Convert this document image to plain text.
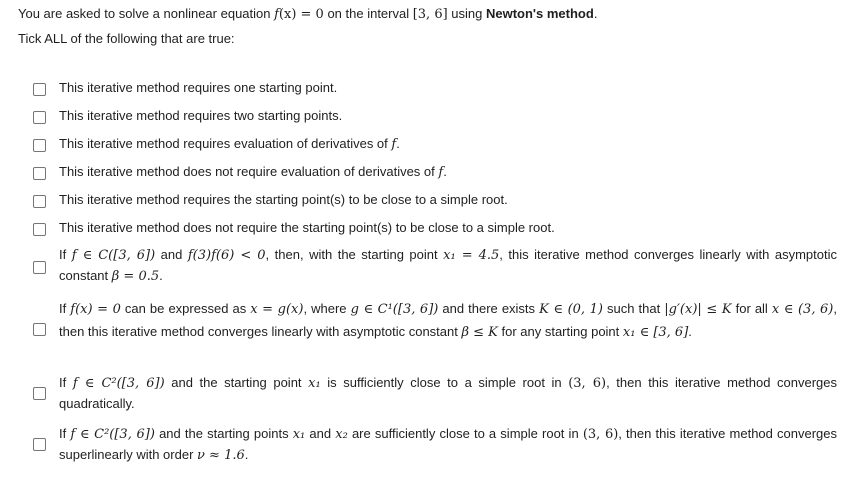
You are asked to solve a nonlinear equation f(x) = 0 on the interval [3, 6] using Newton's method.
Tick ALL of the following that are true:
This iterative method requires one starting point.
This iterative method requires two starting points.
This iterative method requires evaluation of derivatives of f.
This iterative method does not require evaluation of derivatives of f.
This iterative method requires the starting point(s) to be close to a simple root.
This iterative method does not require the starting point(s) to be close to a simple root.
If f ∈ C([3, 6]) and f(3)f(6) < 0, then, with the starting point x₁ = 4.5, this iterative method converges linearly with asymptotic constant β = 0.5.
If f(x) = 0 can be expressed as x = g(x), where g ∈ C¹([3, 6]) and there exists K ∈ (0, 1) such that |g′(x)| ≤ K for all x ∈ (3, 6), then this iterative method converges linearly with asymptotic constant β ≤ K for any starting point x₁ ∈ [3, 6].
If f ∈ C²([3, 6]) and the starting point x₁ is sufficiently close to a simple root in (3, 6), then this iterative method converges quadratically.
If f ∈ C²([3, 6]) and the starting points x₁ and x₂ are sufficiently close to a simple root in (3, 6), then this iterative method converges superlinearly with order ν ≈ 1.6.
